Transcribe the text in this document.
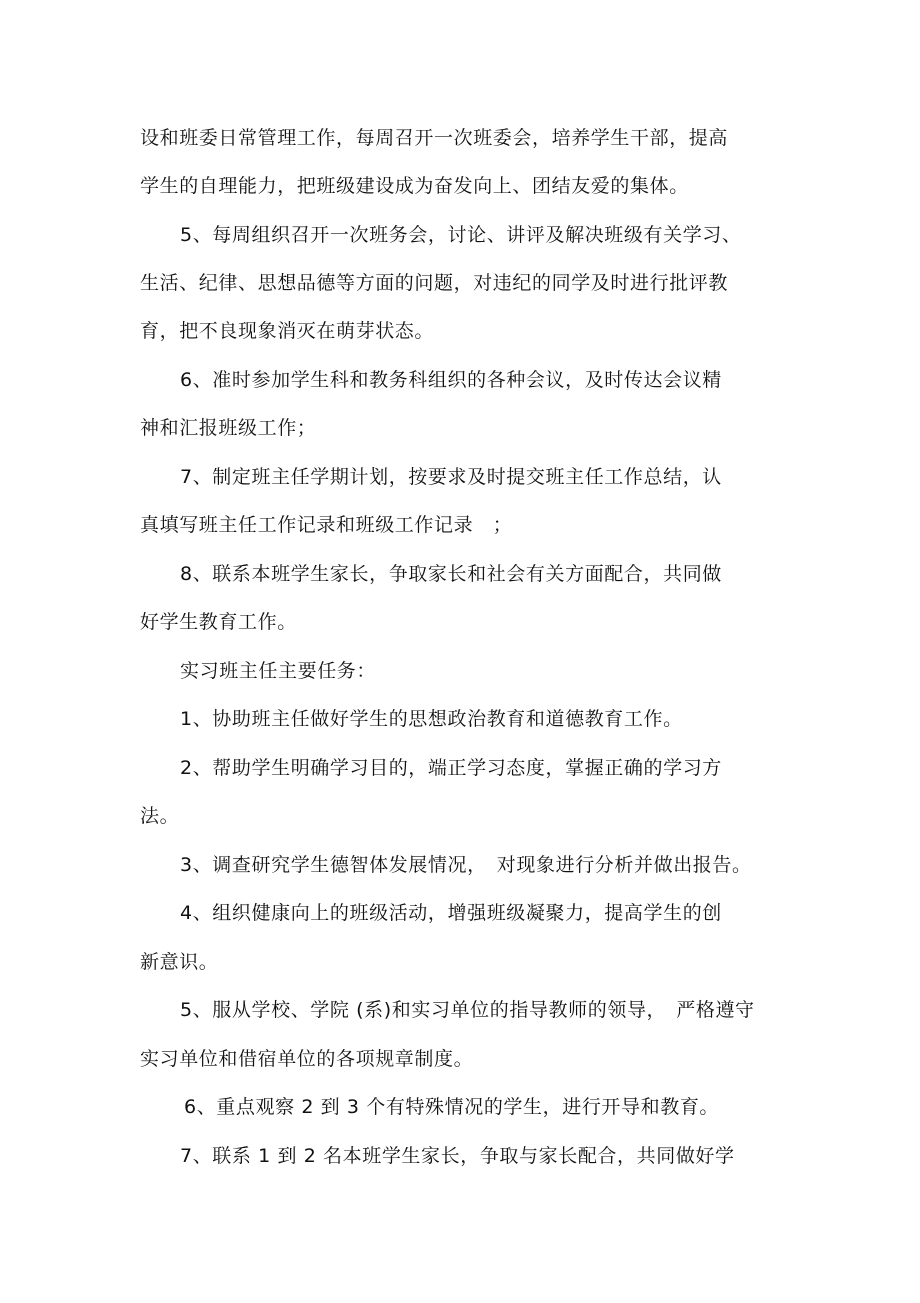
设和班委日常管理工作，每周召开一次班委会，培养学生干部，提高
学生的自理能力，把班级建设成为奋发向上、团结友爱的集体。
5、每周组织召开一次班务会，讨论、讲评及解决班级有关学习、
生活、纪律、思想品德等方面的问题，对违纪的同学及时进行批评教
育，把不良现象消灭在萌芽状态。
6、准时参加学生科和教务科组织的各种会议，及时传达会议精
神和汇报班级工作；
7、制定班主任学期计划，按要求及时提交班主任工作总结，认
真填写班主任工作记录和班级工作记录　；
8、联系本班学生家长，争取家长和社会有关方面配合，共同做
好学生教育工作。
实习班主任主要任务：
1、协助班主任做好学生的思想政治教育和道德教育工作。
2、帮助学生明确学习目的，端正学习态度，掌握正确的学习方
法。
3、调查研究学生德智体发展情况，　对现象进行分析并做出报告。
4、组织健康向上的班级活动，增强班级凝聚力，提高学生的创
新意识。
5、服从学校、学院 (系)和实习单位的指导教师的领导，　严格遵守
实习单位和借宿单位的各项规章制度。
6、重点观察 2 到 3 个有特殊情况的学生，进行开导和教育。
7、联系 1 到 2 名本班学生家长，争取与家长配合，共同做好学
